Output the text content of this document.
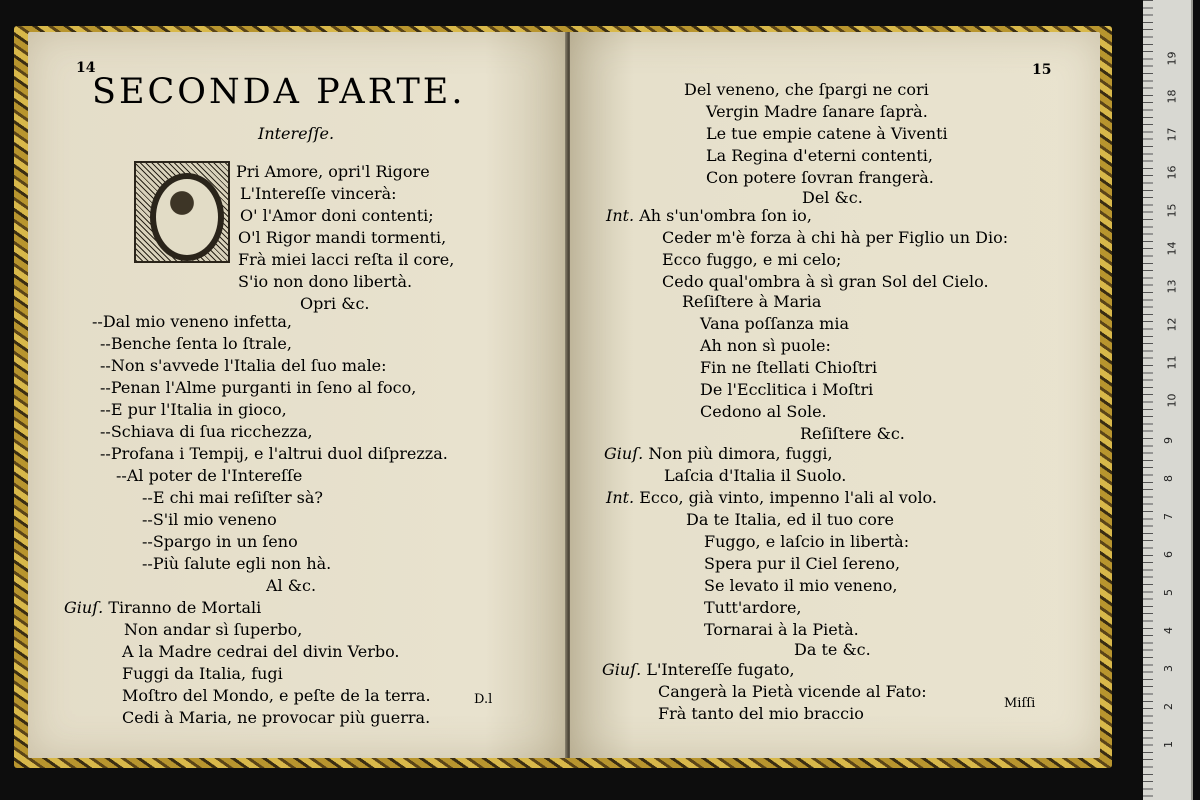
14
SECONDA PARTE.
Intereſſe.
Pri Amore, opri'l Rigore
L'Intereſſe vincerà:
O' l'Amor doni contenti;
O'l Rigor mandi tormenti,
Frà miei lacci reſta il core,
S'io non dono libertà.
Opri &c.
--Dal mio veneno infetta,
--Benche ſenta lo ſtrale,
--Non s'avvede l'Italia del ſuo male:
--Penan l'Alme purganti in ſeno al foco,
--E pur l'Italia in gioco,
--Schiava di ſua ricchezza,
--Profana i Tempij, e l'altrui duol diſprezza.
--Al poter de l'Intereſſe
--E chi mai reſiſter sà?
--S'il mio veneno
--Spargo in un ſeno
--Più ſalute egli non hà.
Al &c.
Giuſ. Tiranno de Mortali
Non andar sì ſuperbo,
A la Madre cedrai del divin Verbo.
Fuggi da Italia, fugi
Moſtro del Mondo, e peſte de la terra.
Cedi à Maria, ne provocar più guerra.
D.l
15
Del veneno, che ſpargi ne cori
Vergin Madre ſanare ſaprà.
Le tue empie catene à Viventi
La Regina d'eterni contenti,
Con potere ſovran frangerà.
Del &c.
Int. Ah s'un'ombra ſon io,
Ceder m'è forza à chi hà per Figlio un Dio:
Ecco fuggo, e mi celo;
Cedo qual'ombra à sì gran Sol del Cielo.
Reſiſtere à Maria
Vana poſſanza mia
Ah non sì puole:
Fin ne ſtellati Chioſtri
De l'Ecclitica i Moſtri
Cedono al Sole.
Reſiſtere &c.
Giuſ. Non più dimora, fuggi,
Laſcia d'Italia il Suolo.
Int. Ecco, già vinto, impenno l'ali al volo.
Da te Italia, ed il tuo core
Fuggo, e laſcio in libertà:
Spera pur il Ciel ſereno,
Se levato il mio veneno,
Tutt'ardore,
Tornarai à la Pietà.
Da te &c.
Giuſ. L'Intereſſe fugato,
Cangerà la Pietà vicende al Fato:
Frà tanto del mio braccio
Miſſi
1
2
3
4
5
6
7
8
9
10
11
12
13
14
15
16
17
18
19
